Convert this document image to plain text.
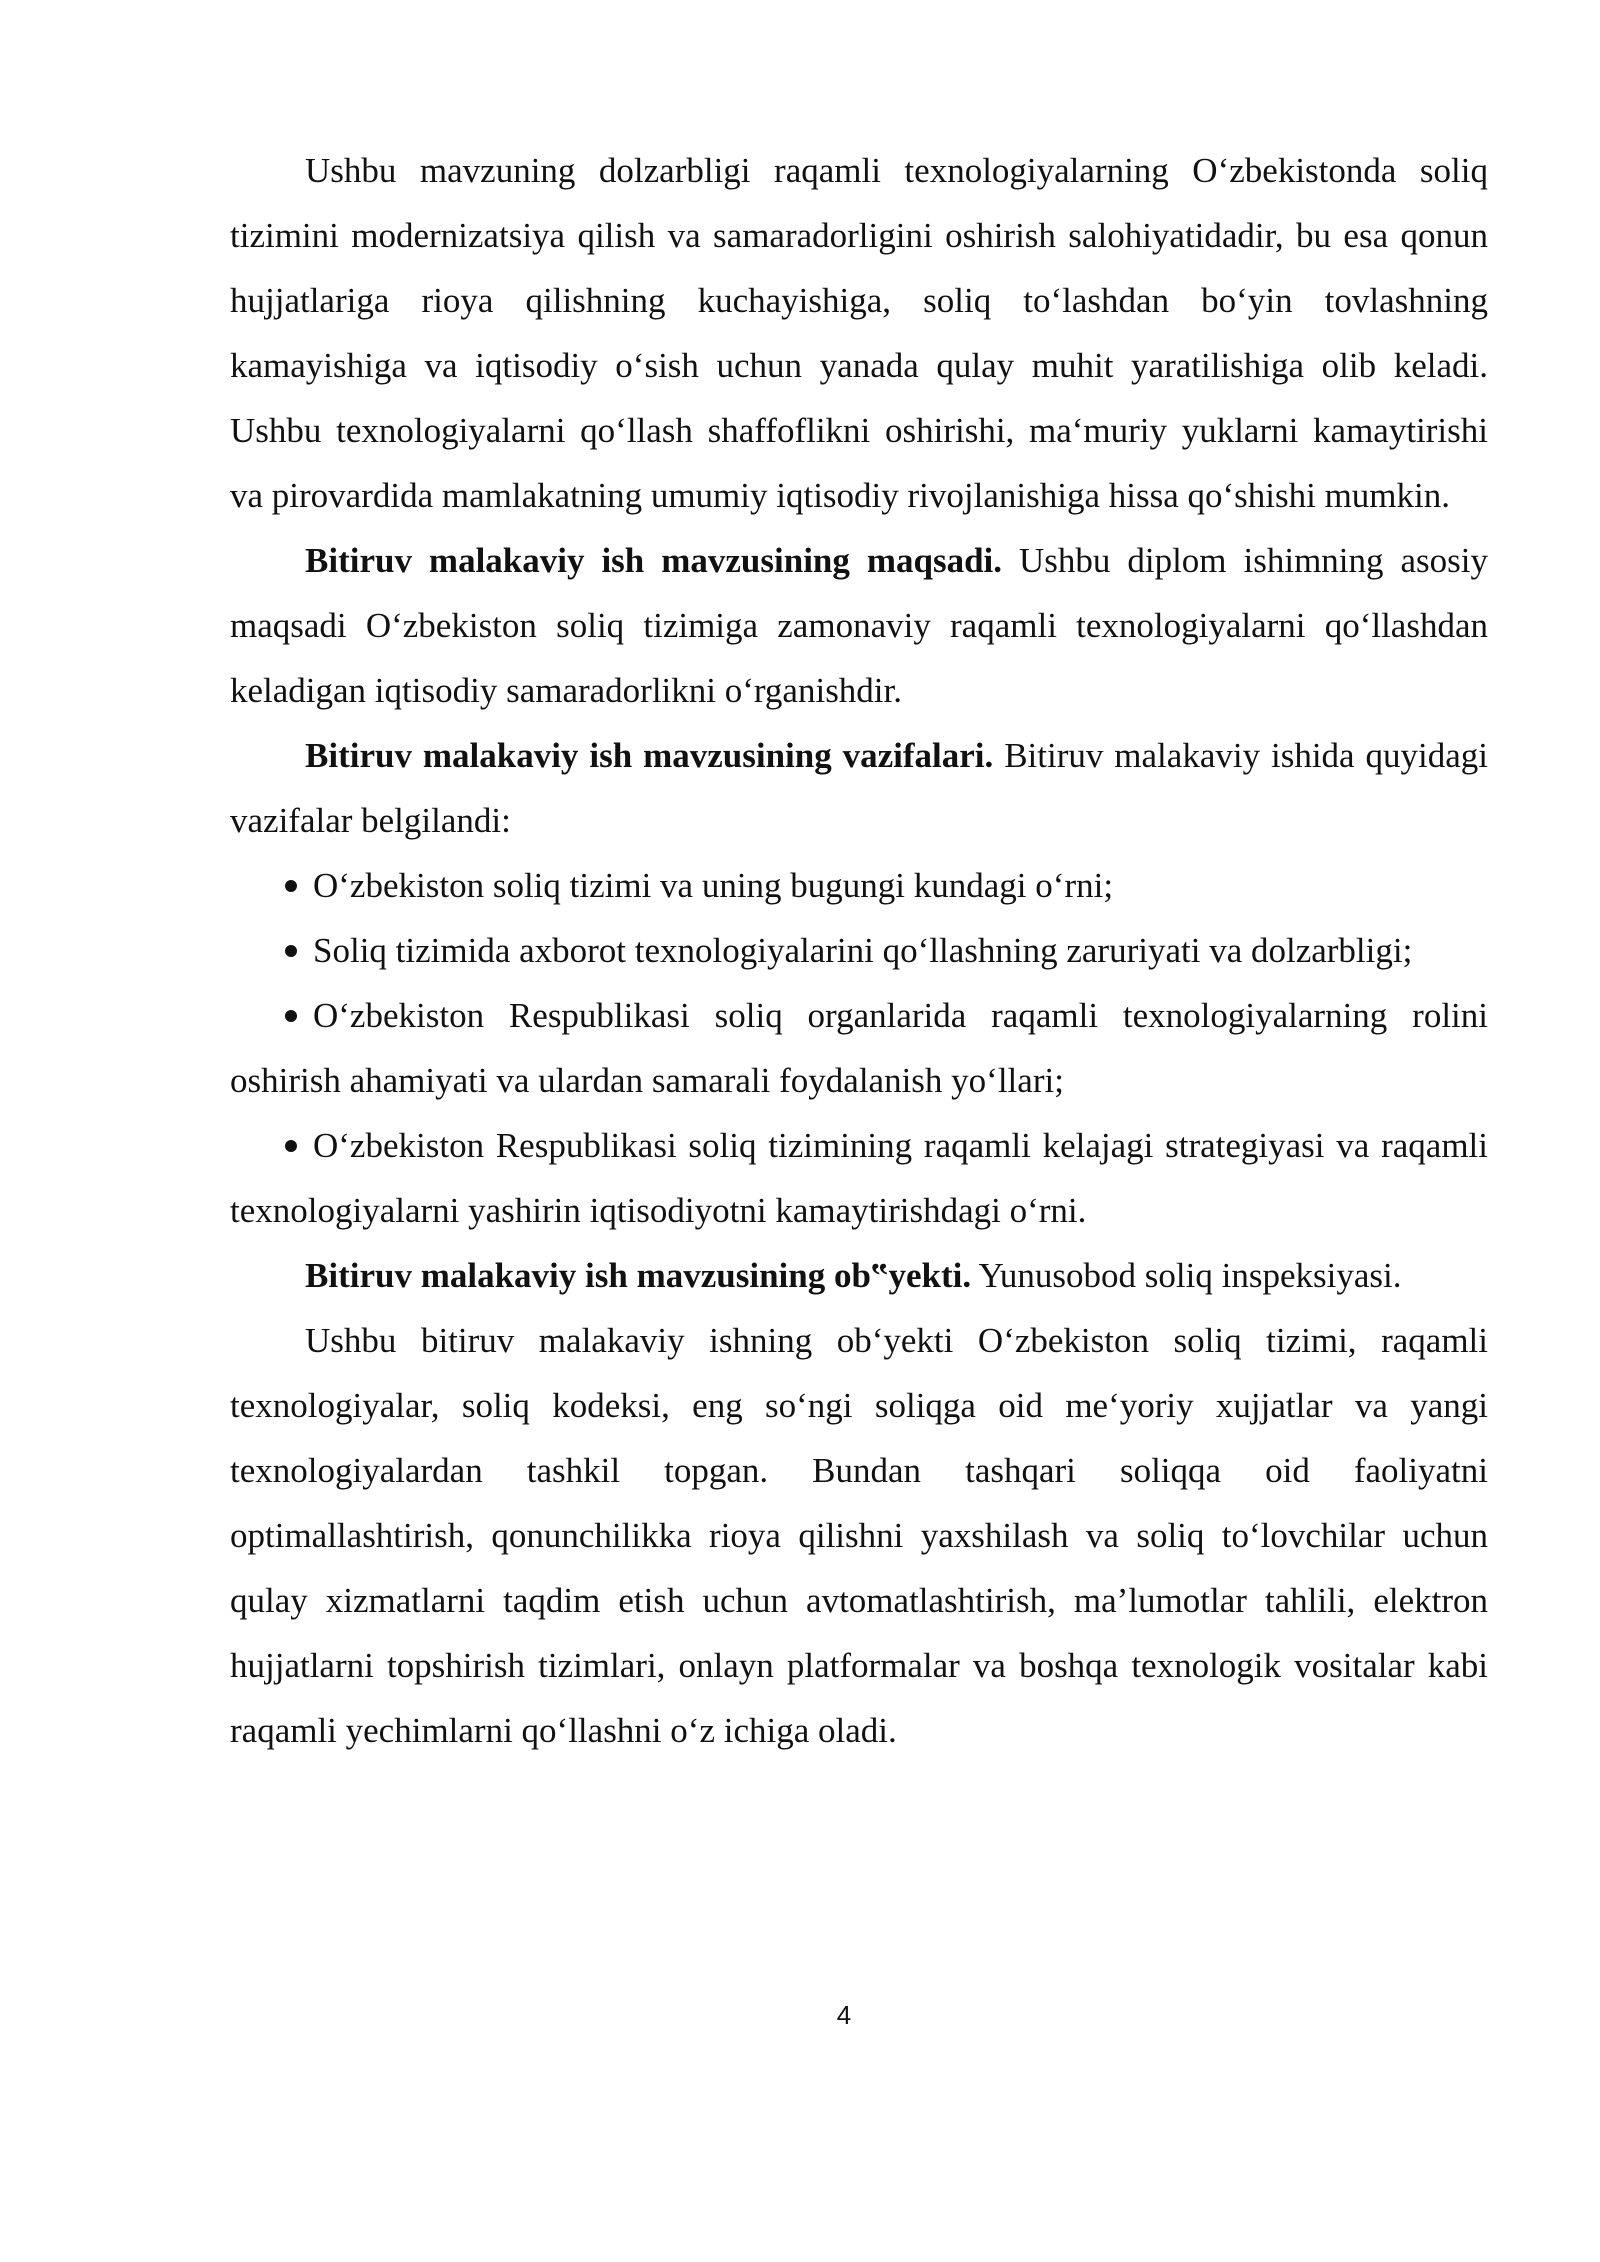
Ushbu mavzuning dolzarbligi raqamli texnologiyalarning O‘zbekistonda soliq tizimini modernizatsiya qilish va samaradorligini oshirish salohiyatidadir, bu esa qonun hujjatlariga rioya qilishning kuchayishiga, soliq to‘lashdan bo‘yin tovlashning kamayishiga va iqtisodiy o‘sish uchun yanada qulay muhit yaratilishiga olib keladi. Ushbu texnologiyalarni qo‘llash shaffoflikni oshirishi, ma‘muriy yuklarni kamaytirishi va pirovardida mamlakatning umumiy iqtisodiy rivojlanishiga hissa qo‘shishi mumkin.

Bitiruv malakaviy ish mavzusining maqsadi. Ushbu diplom ishimning asosiy maqsadi O‘zbekiston soliq tizimiga zamonaviy raqamli texnologiyalarni qo‘llashdan keladigan iqtisodiy samaradorlikni o‘rganishdir.

Bitiruv malakaviy ish mavzusining vazifalari. Bitiruv malakaviy ishida quyidagi vazifalar belgilandi:

O‘zbekiston soliq tizimi va uning bugungi kundagi o‘rni;
Soliq tizimida axborot texnologiyalarini qo‘llashning zaruriyati va dolzarbligi;
O‘zbekiston Respublikasi soliq organlarida raqamli texnologiyalarning rolini oshirish ahamiyati va ulardan samarali foydalanish yo‘llari;
O‘zbekiston Respublikasi soliq tizimining raqamli kelajagi strategiyasi va raqamli texnologiyalarni yashirin iqtisodiyotni kamaytirishdagi o‘rni.

Bitiruv malakaviy ish mavzusining ob‟yekti. Yunusobod soliq inspeksiyasi.

Ushbu bitiruv malakaviy ishning ob‘yekti O‘zbekiston soliq tizimi, raqamli texnologiyalar, soliq kodeksi, eng so‘ngi soliqga oid me‘yoriy xujjatlar va yangi texnologiyalardan tashkil topgan. Bundan tashqari soliqqa oid faoliyatni optimallashtirish, qonunchilikka rioya qilishni yaxshilash va soliq to‘lovchilar uchun qulay xizmatlarni taqdim etish uchun avtomatlashtirish, ma’lumotlar tahlili, elektron hujjatlarni topshirish tizimlari, onlayn platformalar va boshqa texnologik vositalar kabi raqamli yechimlarni qo‘llashni o‘z ichiga oladi.

4
